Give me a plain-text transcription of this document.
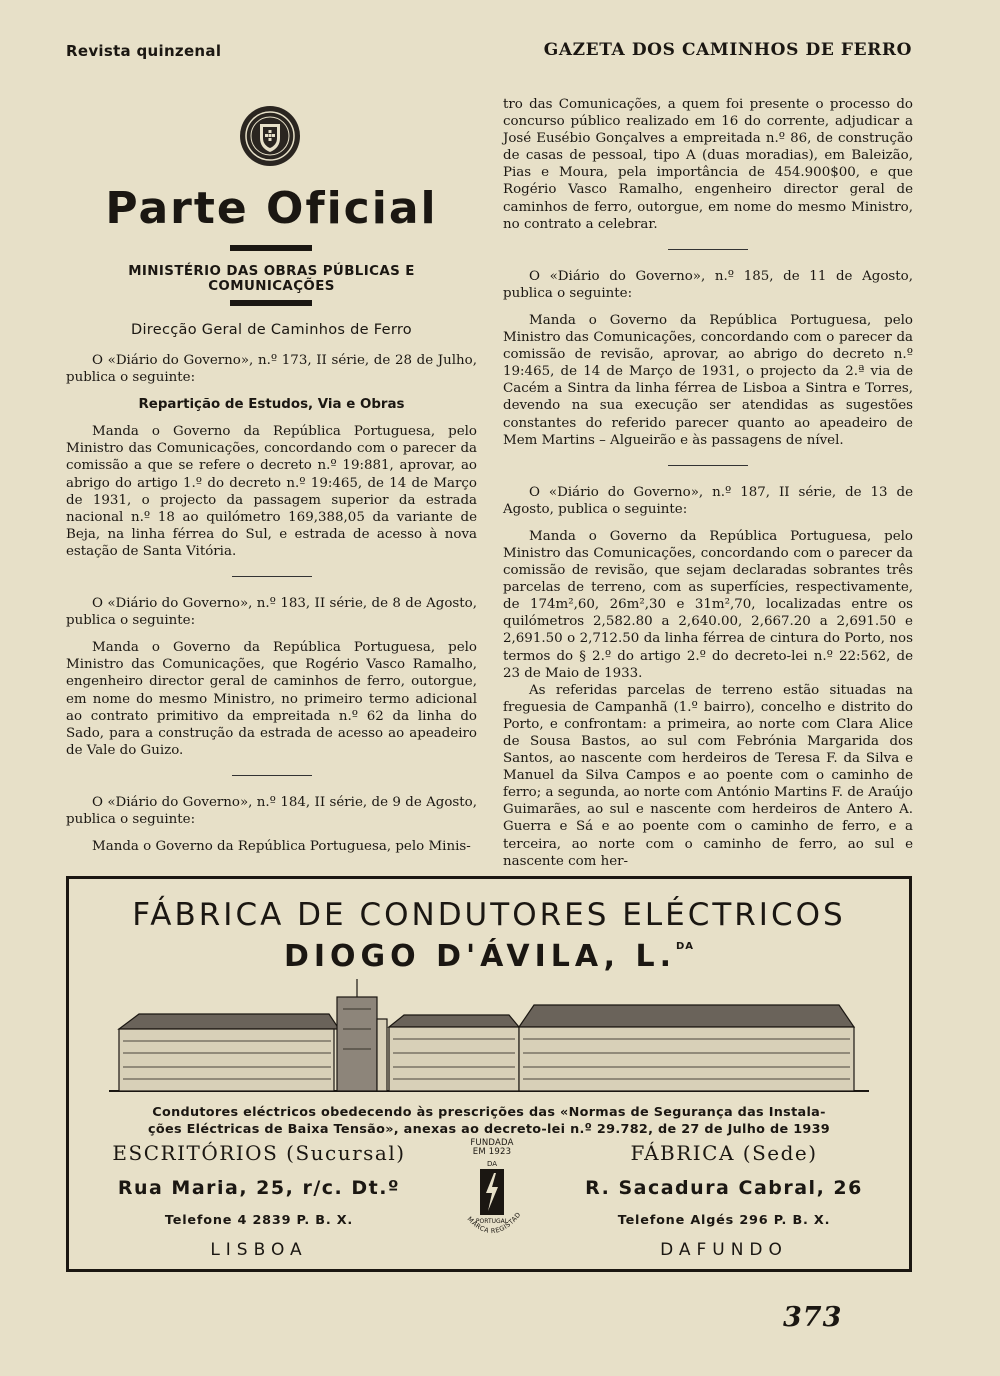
Revista quinzenal	GAZETA DOS CAMINHOS DE FERRO
Parte Oficial
MINISTÉRIO DAS OBRAS PÚBLICAS E COMUNICAÇÕES
Direcção Geral de Caminhos de Ferro

O «Diário do Governo», n.º 173, II série, de 28 de Julho, publica o seguinte:

Repartição de Estudos, Via e Obras

Manda o Governo da República Portuguesa, pelo Ministro das Comunicações, concordando com o parecer da comissão a que se refere o decreto n.º 19:881, aprovar, ao abrigo do artigo 1.º do decreto n.º 19:465, de 14 de Março de 1931, o projecto da passagem superior da estrada nacional n.º 18 ao quilómetro 169,388,05 da variante de Beja, na linha férrea do Sul, e estrada de acesso à nova estação de Santa Vitória.

O «Diário do Governo», n.º 183, II série, de 8 de Agosto, publica o seguinte:

Manda o Governo da República Portuguesa, pelo Ministro das Comunicações, que Rogério Vasco Ramalho, engenheiro director geral de caminhos de ferro, outorgue, em nome do mesmo Ministro, no primeiro termo adicional ao contrato primitivo da empreitada n.º 62 da linha do Sado, para a construção da estrada de acesso ao apeadeiro de Vale do Guizo.

O «Diário do Governo», n.º 184, II série, de 9 de Agosto, publica o seguinte:

Manda o Governo da República Portuguesa, pelo Minis-

tro das Comunicações, a quem foi presente o processo do concurso público realizado em 16 do corrente, adjudicar a José Eusébio Gonçalves a empreitada n.º 86, de construção de casas de pessoal, tipo A (duas moradias), em Baleizão, Pias e Moura, pela importância de 454.900$00, e que Rogério Vasco Ramalho, engenheiro director geral de caminhos de ferro, outorgue, em nome do mesmo Ministro, no contrato a celebrar.

O «Diário do Governo», n.º 185, de 11 de Agosto, publica o seguinte:

Manda o Governo da República Portuguesa, pelo Ministro das Comunicações, concordando com o parecer da comissão de revisão, aprovar, ao abrigo do decreto n.º 19:465, de 14 de Março de 1931, o projecto da 2.ª via de Cacém a Sintra da linha férrea de Lisboa a Sintra e Torres, devendo na sua execução ser atendidas as sugestões constantes do referido parecer quanto ao apeadeiro de Mem Martins – Algueirão e às passagens de nível.

O «Diário do Governo», n.º 187, II série, de 13 de Agosto, publica o seguinte:

Manda o Governo da República Portuguesa, pelo Ministro das Comunicações, concordando com o parecer da comissão de revisão, que sejam declaradas sobrantes três parcelas de terreno, com as superfícies, respectivamente, de 174m²,60, 26m²,30 e 31m²,70, localizadas entre os quilómetros 2,582.80 a 2,640.00, 2,667.20 a 2,691.50 e 2,691.50 o 2,712.50 da linha férrea de cintura do Porto, nos termos do § 2.º do artigo 2.º do decreto-lei n.º 22:562, de 23 de Maio de 1933.

As referidas parcelas de terreno estão situadas na freguesia de Campanhã (1.º bairro), concelho e distrito do Porto, e confrontam: a primeira, ao norte com Clara Alice de Sousa Bastos, ao sul com Febrónia Margarida dos Santos, ao nascente com herdeiros de Teresa F. da Silva e Manuel da Silva Campos e ao poente com o caminho de ferro; a segunda, ao norte com António Martins F. de Araújo Guimarães, ao sul e nascente com herdeiros de Antero A. Guerra e Sá e ao poente com o caminho de ferro, e a terceira, ao norte com o caminho de ferro, ao sul e nascente com her-

FÁBRICA DE CONDUTORES ELÉCTRICOS
DIOGO D'ÁVILA, L.$^{DA}$
Condutores eléctricos obedecendo às prescrições das «Normas de Segurança das Instala-
ções Eléctricas de Baixa Tensão», anexas ao decreto-lei n.º 29.782, de 27 de Julho de 1939
ESCRITÓRIOS (Sucursal)
Rua Maria, 25, r/c. Dt.º
Telefone 4 2839 P. B. X.
LISBOA
FUNDADA
EM 1923
DA
PORTUGAL
MARCA REGISTAD
FÁBRICA (Sede)
R. Sacadura Cabral, 26
Telefone Algés 296 P. B. X.
DAFUNDO
373
